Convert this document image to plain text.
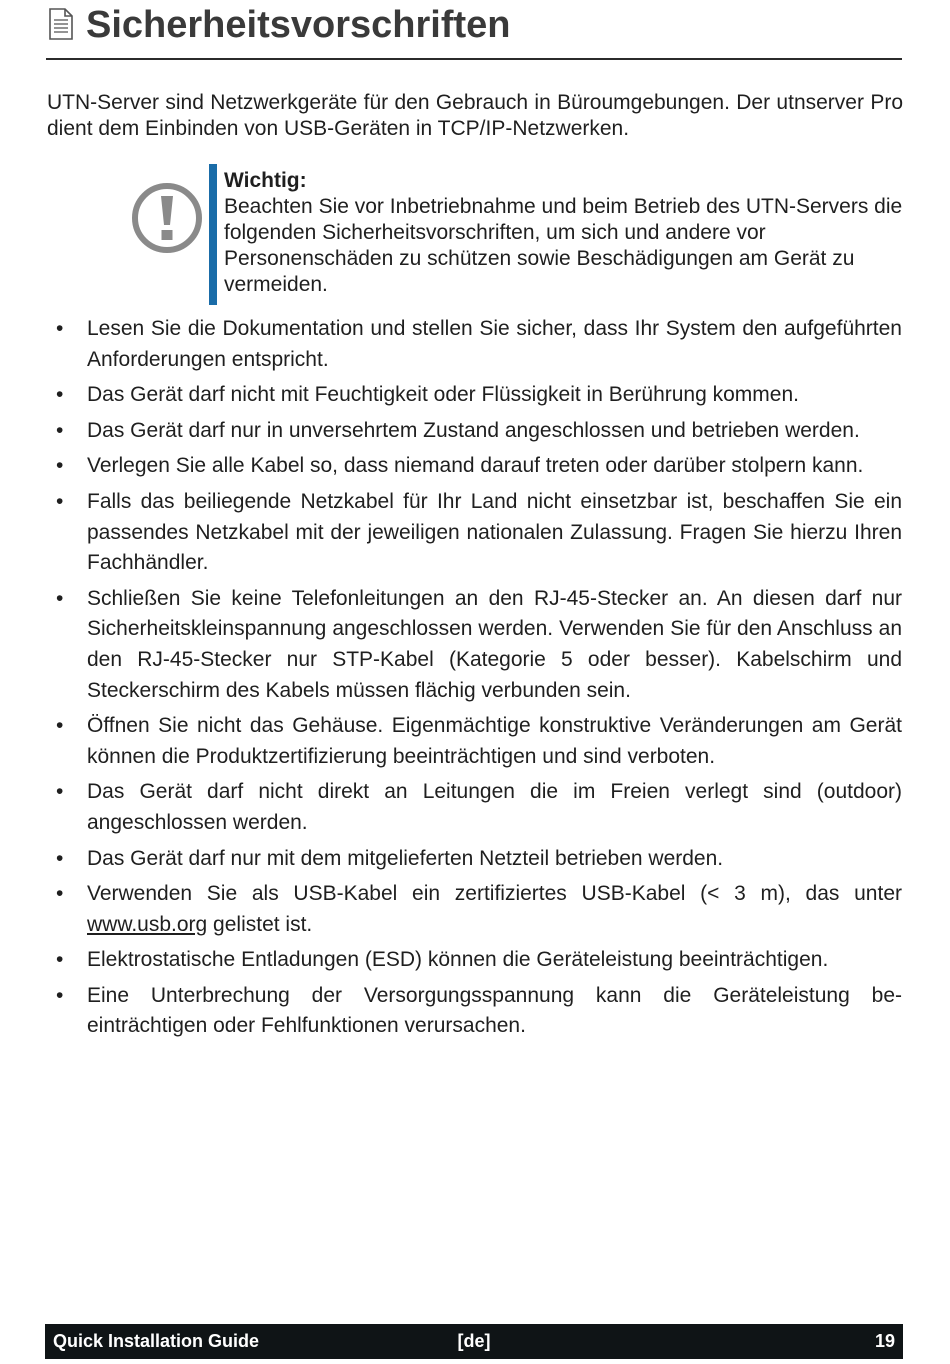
Sicherheitsvorschriften

UTN-Server sind Netzwerkgeräte für den Gebrauch in Büroumgebungen. Der utnserver Pro dient dem Einbinden von USB-Geräten in TCP/IP-Netzwerken.

Wichtig:

Beachten Sie vor Inbetriebnahme und beim Betrieb des UTN-Servers die folgenden Sicherheitsvorschriften, um sich und andere vor Personenschäden zu schützen sowie Beschädigungen am Gerät zu vermeiden.

• Lesen Sie die Dokumentation und stellen Sie sicher, dass Ihr System den aufgeführten Anforderungen entspricht.
• Das Gerät darf nicht mit Feuchtigkeit oder Flüssigkeit in Berührung kommen.
• Das Gerät darf nur in unversehrtem Zustand angeschlossen und betrieben werden.
• Verlegen Sie alle Kabel so, dass niemand darauf treten oder darüber stolpern kann.
• Falls das beiliegende Netzkabel für Ihr Land nicht einsetzbar ist, beschaffen Sie ein passendes Netzkabel mit der jeweiligen nationalen Zulassung. Fragen Sie hierzu Ihren Fachhändler.
• Schließen Sie keine Telefonleitungen an den RJ-45-Stecker an. An diesen darf nur Sicherheitskleinspannung angeschlossen werden. Verwenden Sie für den Anschluss an den RJ-45-Stecker nur STP-Kabel (Kategorie 5 oder besser). Kabelschirm und Steckerschirm des Kabels müssen flächig verbunden sein.
• Öffnen Sie nicht das Gehäuse. Eigenmächtige konstruktive Veränderungen am Gerät können die Produktzertifizierung beeinträchtigen und sind verboten.
• Das Gerät darf nicht direkt an Leitungen die im Freien verlegt sind (outdoor) angeschlossen werden.
• Das Gerät darf nur mit dem mitgelieferten Netzteil betrieben werden.
• Verwenden Sie als USB-Kabel ein zertifiziertes USB-Kabel (< 3 m), das unter www.usb.org gelistet ist.
• Elektrostatische Entladungen (ESD) können die Geräteleistung beeinträchtigen.
• Eine Unterbrechung der Versorgungsspannung kann die Geräteleistung beeinträchtigen oder Fehlfunktionen verursachen.
Quick Installation Guide	[de]	19
